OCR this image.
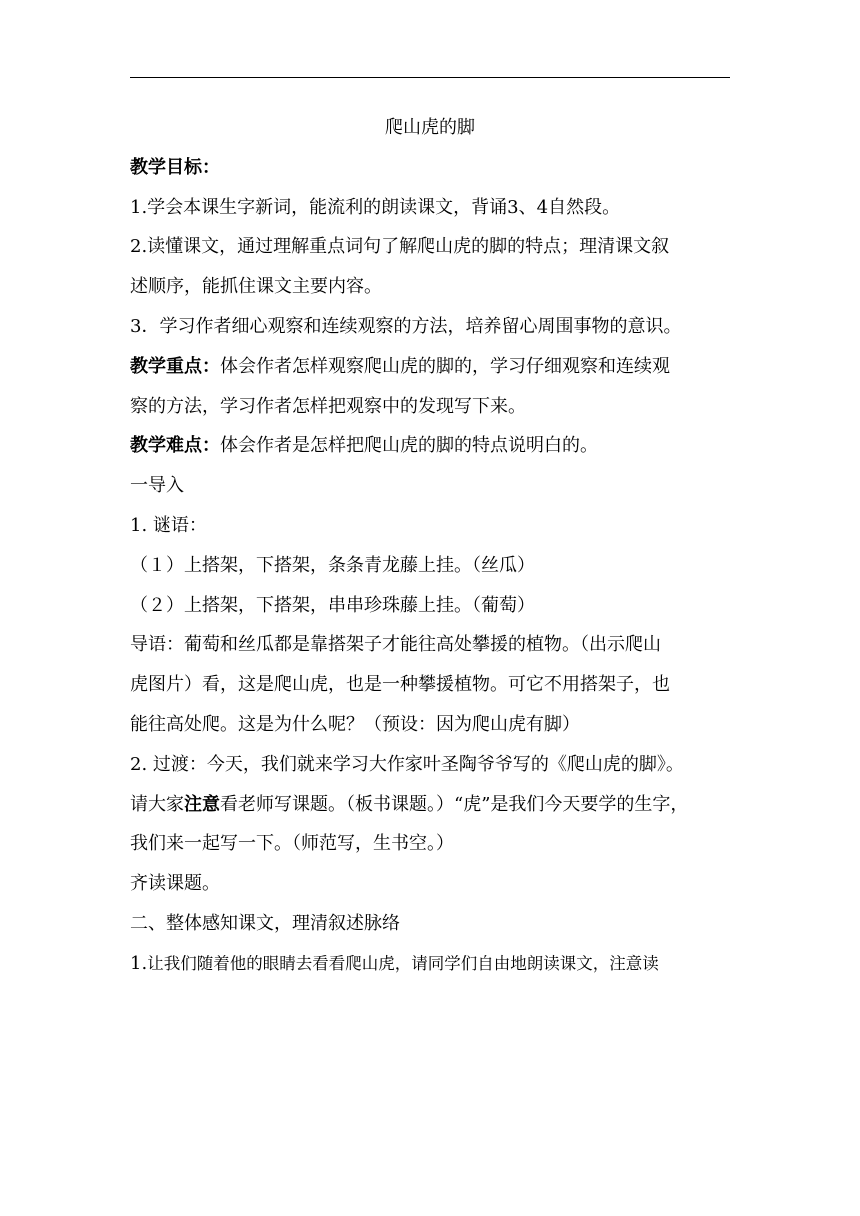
爬山虎的脚
教学目标：
1.学会本课生字新词，能流利的朗读课文，背诵3、4自然段。
2.读懂课文，通过理解重点词句了解爬山虎的脚的特点；理清课文叙
述顺序，能抓住课文主要内容。
3．学习作者细心观察和连续观察的方法，培养留心周围事物的意识。
教学重点：体会作者怎样观察爬山虎的脚的，学习仔细观察和连续观
察的方法，学习作者怎样把观察中的发现写下来。
教学难点：体会作者是怎样把爬山虎的脚的特点说明白的。
一导入
1. 谜语：
（１）上搭架，下搭架，条条青龙藤上挂。（丝瓜）
（２）上搭架，下搭架，串串珍珠藤上挂。（葡萄）
导语：葡萄和丝瓜都是靠搭架子才能往高处攀援的植物。（出示爬山
虎图片）看，这是爬山虎，也是一种攀援植物。可它不用搭架子，也
能往高处爬。这是为什么呢？（预设：因为爬山虎有脚）
2. 过渡：今天，我们就来学习大作家叶圣陶爷爷写的《爬山虎的脚》。
请大家注意看老师写课题。（板书课题。）“虎”是我们今天要学的生字，
我们来一起写一下。（师范写，生书空。）
齐读课题。
二、整体感知课文，理清叙述脉络
1.让我们随着他的眼睛去看看爬山虎，请同学们自由地朗读课文，注意读
